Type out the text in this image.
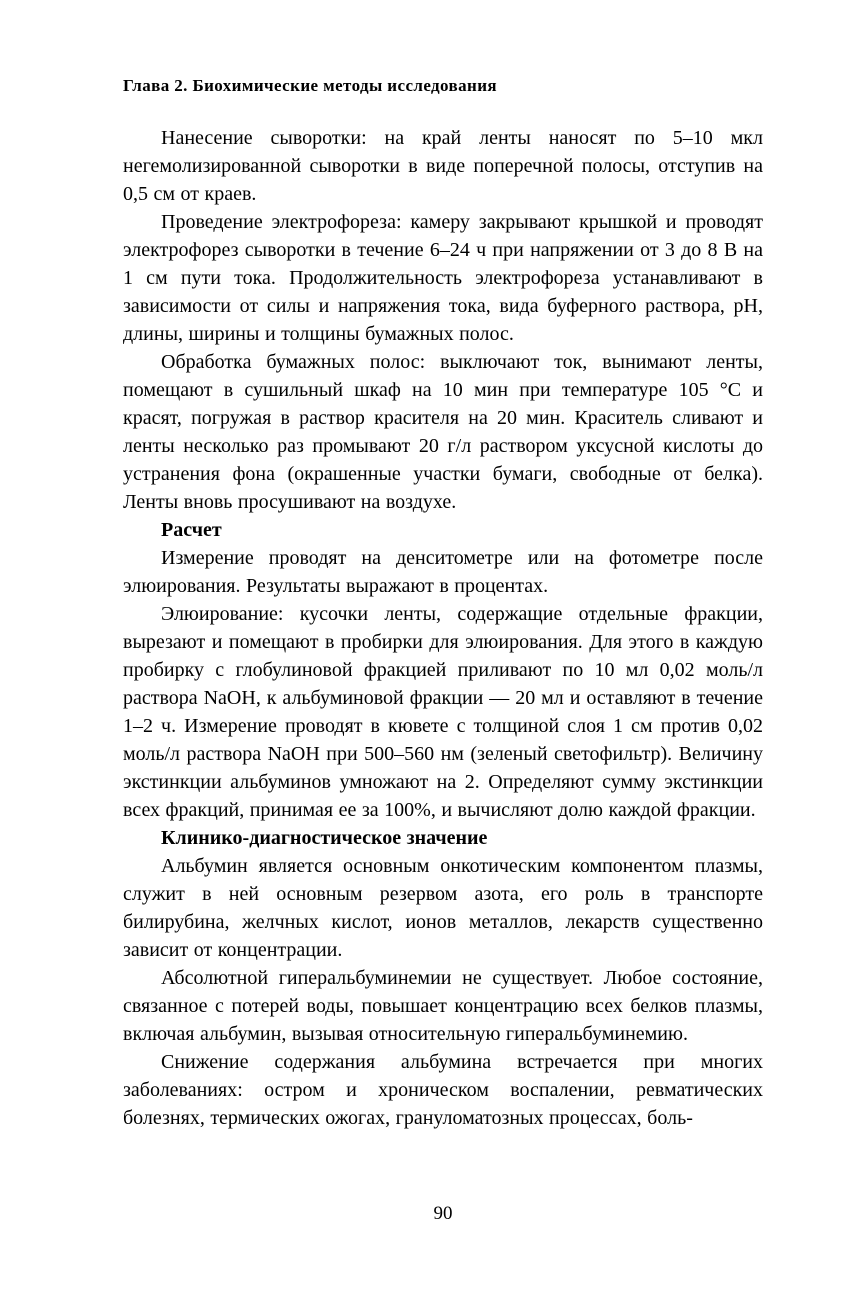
Глава 2. Биохимические методы исследования

Нанесение сыворотки: на край ленты наносят по 5–10 мкл негемолизированной сыворотки в виде поперечной полосы, отступив на 0,5 см от краев.

Проведение электрофореза: камеру закрывают крышкой и проводят электрофорез сыворотки в течение 6–24 ч при напряжении от 3 до 8 В на 1 см пути тока. Продолжительность электрофореза устанавливают в зависимости от силы и напряжения тока, вида буферного раствора, pH, длины, ширины и толщины бумажных полос.

Обработка бумажных полос: выключают ток, вынимают ленты, помещают в сушильный шкаф на 10 мин при температуре 105 °С и красят, погружая в раствор красителя на 20 мин. Краситель сливают и ленты несколько раз промывают 20 г/л раствором уксусной кислоты до устранения фона (окрашенные участки бумаги, свободные от белка). Ленты вновь просушивают на воздухе.

Расчет

Измерение проводят на денситометре или на фотометре после элюирования. Результаты выражают в процентах.

Элюирование: кусочки ленты, содержащие отдельные фракции, вырезают и помещают в пробирки для элюирования. Для этого в каждую пробирку с глобулиновой фракцией приливают по 10 мл 0,02 моль/л раствора NaOH, к альбуминовой фракции — 20 мл и оставляют в течение 1–2 ч. Измерение проводят в кювете с толщиной слоя 1 см против 0,02 моль/л раствора NaOH при 500–560 нм (зеленый светофильтр). Величину экстинкции альбуминов умножают на 2. Определяют сумму экстинкции всех фракций, принимая ее за 100%, и вычисляют долю каждой фракции.

Клинико-диагностическое значение

Альбумин является основным онкотическим компонентом плазмы, служит в ней основным резервом азота, его роль в транспорте билирубина, желчных кислот, ионов металлов, лекарств существенно зависит от концентрации.

Абсолютной гиперальбуминемии не существует. Любое состояние, связанное с потерей воды, повышает концентрацию всех белков плазмы, включая альбумин, вызывая относительную гиперальбуминемию.

Снижение содержания альбумина встречается при многих заболеваниях: остром и хроническом воспалении, ревматических болезнях, термических ожогах, грануломатозных процессах, боль-

90
